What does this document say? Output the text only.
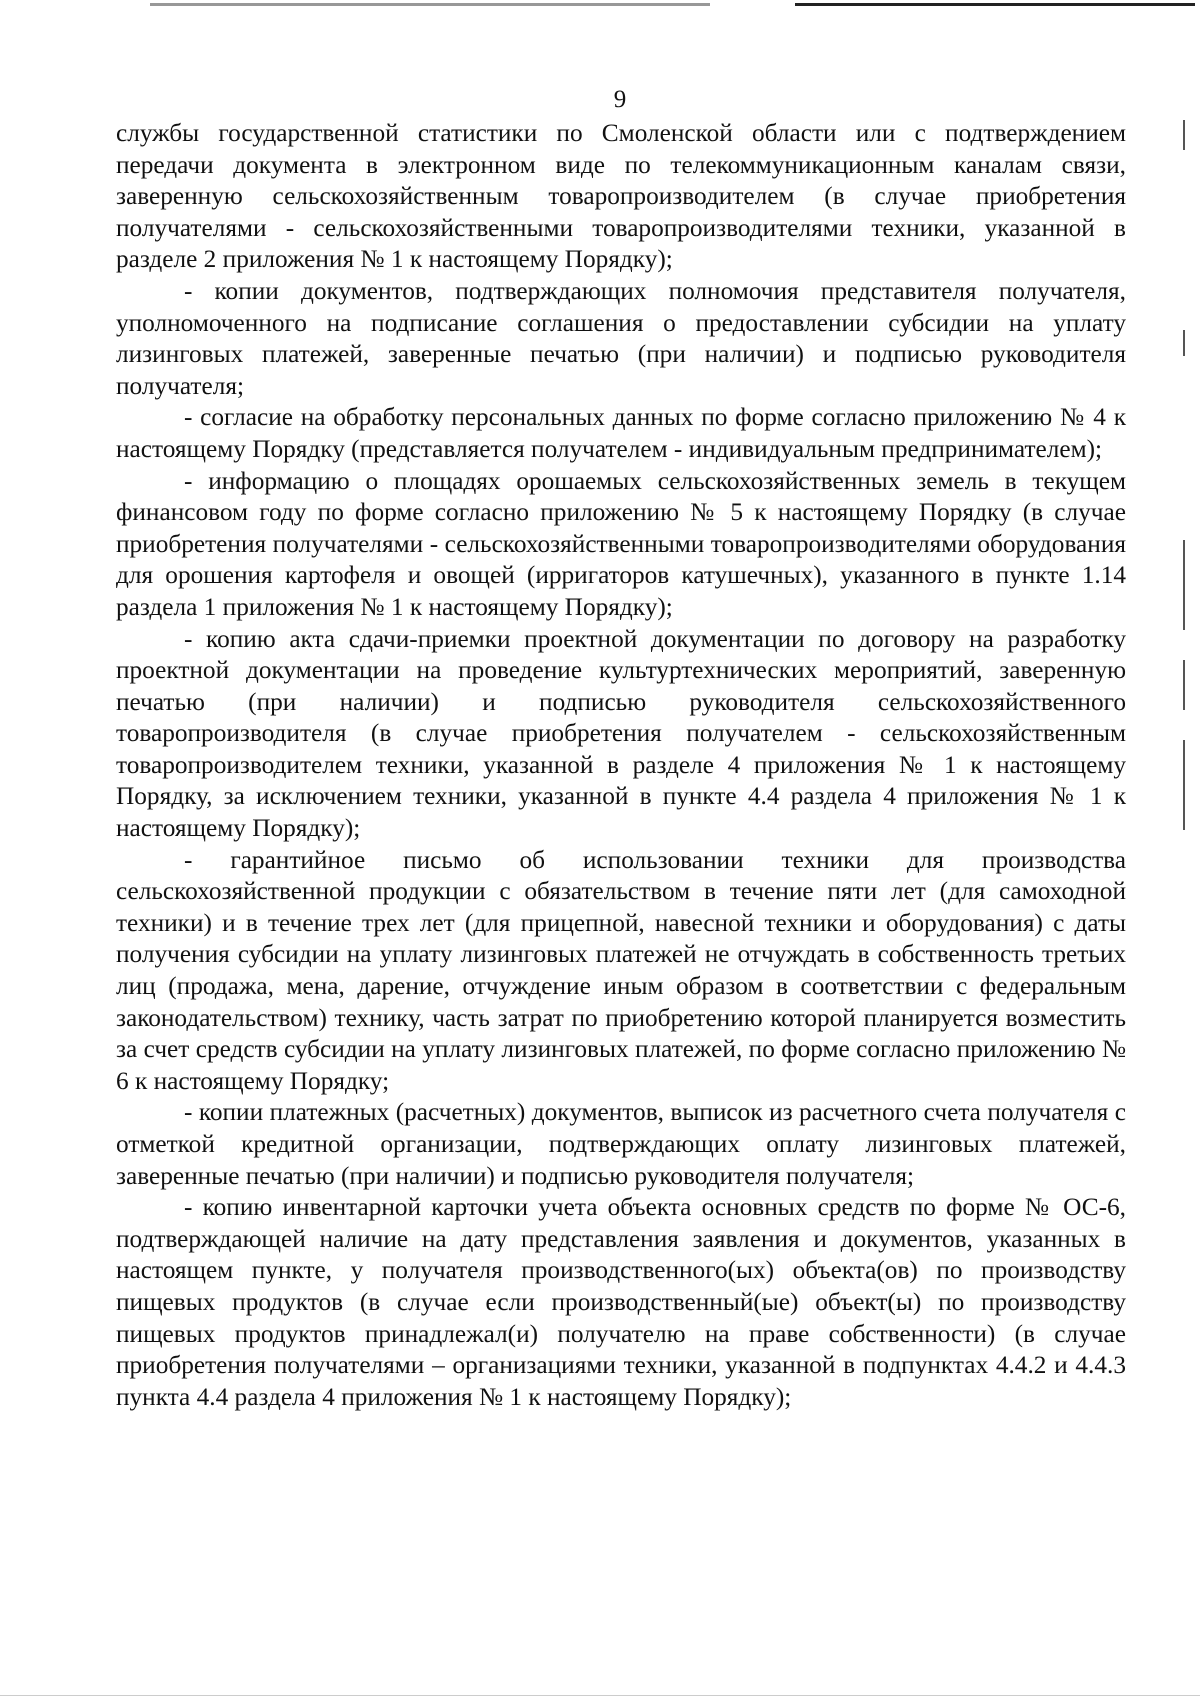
9

службы государственной статистики по Смоленской области или с подтверждением передачи документа в электронном виде по телекоммуникационным каналам связи, заверенную сельскохозяйственным товаропроизводителем (в случае приобретения получателями - сельскохозяйственными товаропроизводителями техники, указанной в разделе 2 приложения № 1 к настоящему Порядку);

- копии документов, подтверждающих полномочия представителя получателя, уполномоченного на подписание соглашения о предоставлении субсидии на уплату лизинговых платежей, заверенные печатью (при наличии) и подписью руководителя получателя;

- согласие на обработку персональных данных по форме согласно приложению № 4 к настоящему Порядку (представляется получателем - индивидуальным предпринимателем);

- информацию о площадях орошаемых сельскохозяйственных земель в текущем финансовом году по форме согласно приложению № 5 к настоящему Порядку (в случае приобретения получателями - сельскохозяйственными товаропроизводителями оборудования для орошения картофеля и овощей (ирригаторов катушечных), указанного в пункте 1.14 раздела 1 приложения № 1 к настоящему Порядку);

- копию акта сдачи-приемки проектной документации по договору на разработку проектной документации на проведение культуртехнических мероприятий, заверенную печатью (при наличии) и подписью руководителя сельскохозяйственного товаропроизводителя (в случае приобретения получателем - сельскохозяйственным товаропроизводителем техники, указанной в разделе 4 приложения № 1 к настоящему Порядку, за исключением техники, указанной в пункте 4.4 раздела 4 приложения № 1 к настоящему Порядку);

- гарантийное письмо об использовании техники для производства сельскохозяйственной продукции с обязательством в течение пяти лет (для самоходной техники) и в течение трех лет (для прицепной, навесной техники и оборудования) с даты получения субсидии на уплату лизинговых платежей не отчуждать в собственность третьих лиц (продажа, мена, дарение, отчуждение иным образом в соответствии с федеральным законодательством) технику, часть затрат по приобретению которой планируется возместить за счет средств субсидии на уплату лизинговых платежей, по форме согласно приложению № 6 к настоящему Порядку;

- копии платежных (расчетных) документов, выписок из расчетного счета получателя с отметкой кредитной организации, подтверждающих оплату лизинговых платежей, заверенные печатью (при наличии) и подписью руководителя получателя;

- копию инвентарной карточки учета объекта основных средств по форме № ОС-6, подтверждающей наличие на дату представления заявления и документов, указанных в настоящем пункте, у получателя производственного(ых) объекта(ов) по производству пищевых продуктов (в случае если производственный(ые) объект(ы) по производству пищевых продуктов принадлежал(и) получателю на праве собственности) (в случае приобретения получателями – организациями техники, указанной в подпунктах 4.4.2 и 4.4.3 пункта 4.4 раздела 4 приложения № 1 к настоящему Порядку);
